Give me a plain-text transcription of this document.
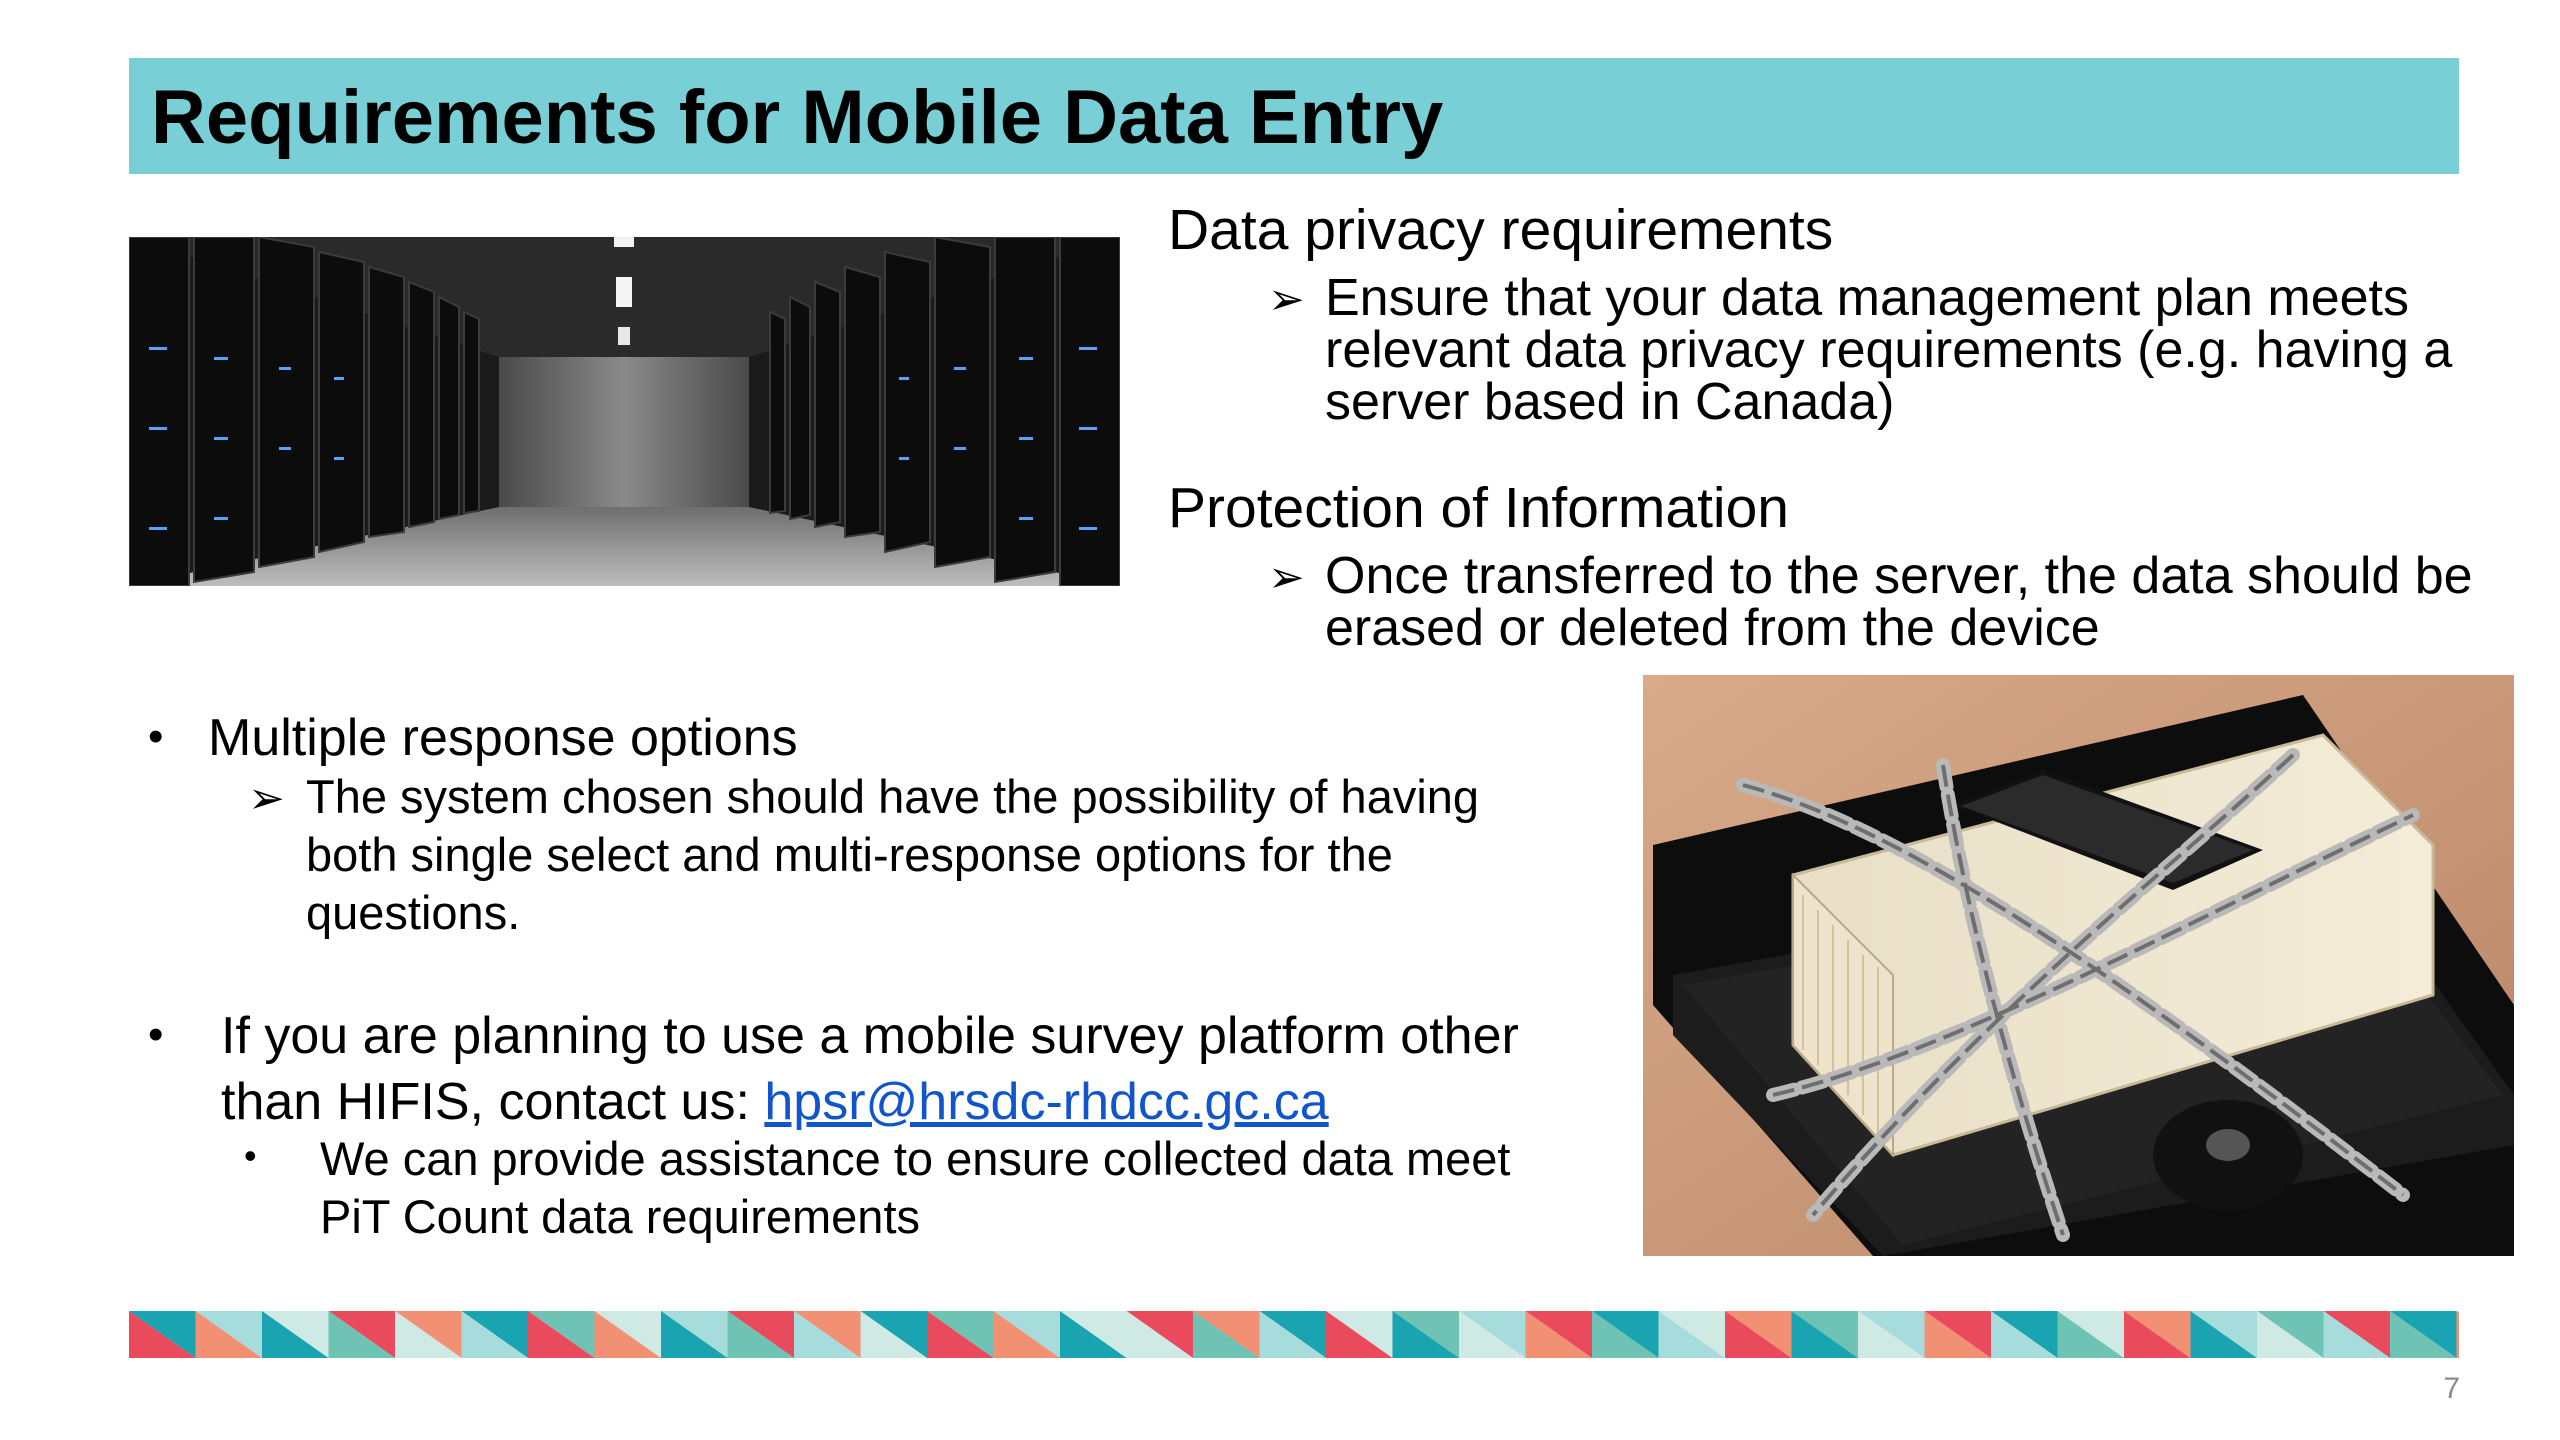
Requirements for Mobile Data Entry
Data privacy requirements
➢ Ensure that your data management plan meets
relevant data privacy requirements (e.g. having a
server based in Canada)
Protection of Information
➢ Once transferred to the server, the data should be
erased or deleted from the device
• Multiple response options
➢ The system chosen should have the possibility of having
both single select and multi-response options for the
questions.
• If you are planning to use a mobile survey platform other
than HIFIS, contact us: hpsr@hrsdc-rhdcc.gc.ca
• We can provide assistance to ensure collected data meet
PiT Count data requirements
7
